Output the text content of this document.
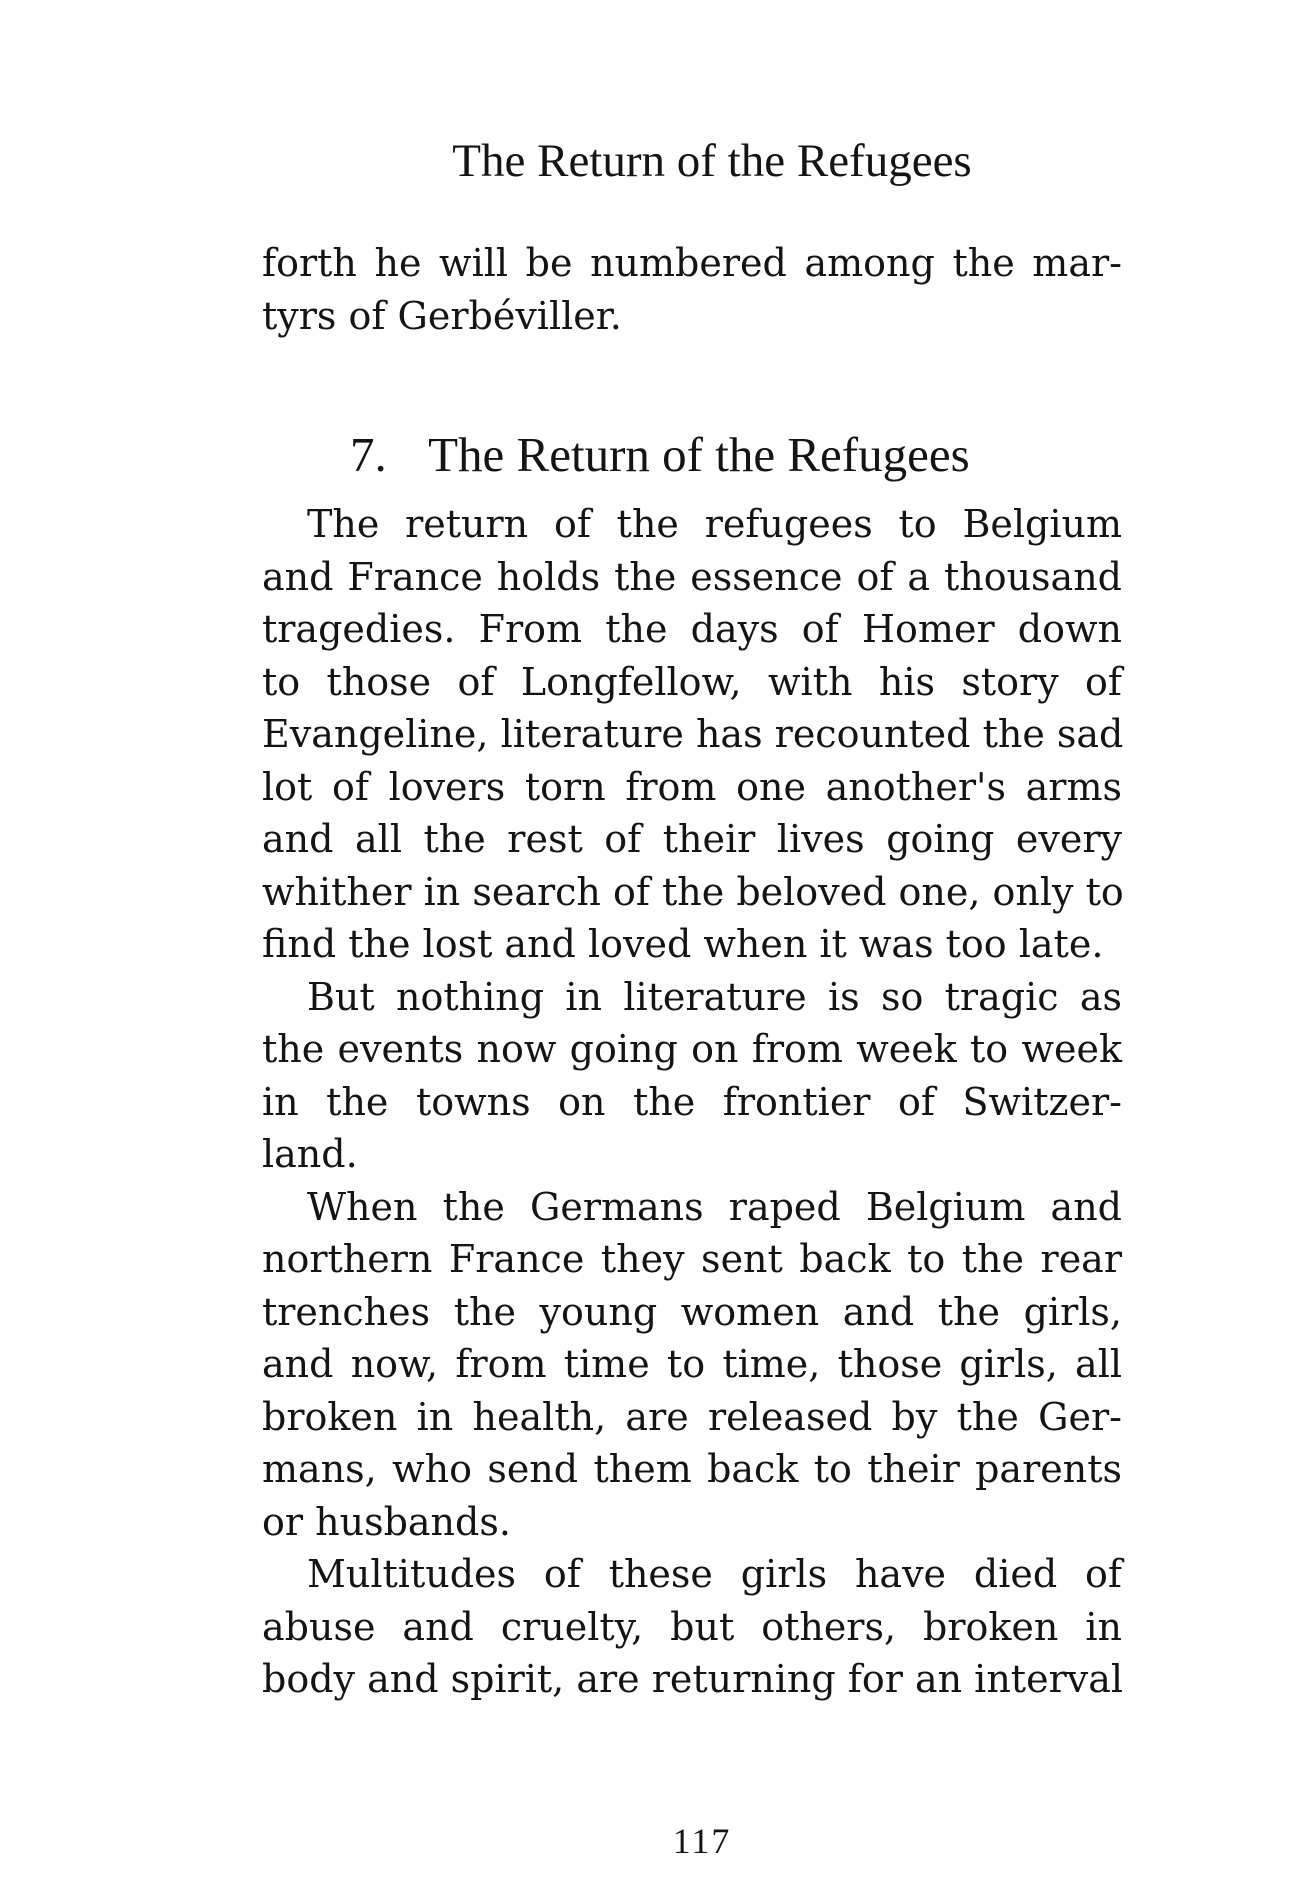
The Return of the Refugees
forth he will be numbered among the mar-
tyrs of Gerbéviller.
7. The Return of the Refugees
The return of the refugees to Belgium
and France holds the essence of a thousand
tragedies. From the days of Homer down
to those of Longfellow, with his story of
Evangeline, literature has recounted the sad
lot of lovers torn from one another's arms
and all the rest of their lives going every
whither in search of the beloved one, only to
find the lost and loved when it was too late.
But nothing in literature is so tragic as
the events now going on from week to week
in the towns on the frontier of Switzer-
land.
When the Germans raped Belgium and
northern France they sent back to the rear
trenches the young women and the girls,
and now, from time to time, those girls, all
broken in health, are released by the Ger-
mans, who send them back to their parents
or husbands.
Multitudes of these girls have died of
abuse and cruelty, but others, broken in
body and spirit, are returning for an interval
117
